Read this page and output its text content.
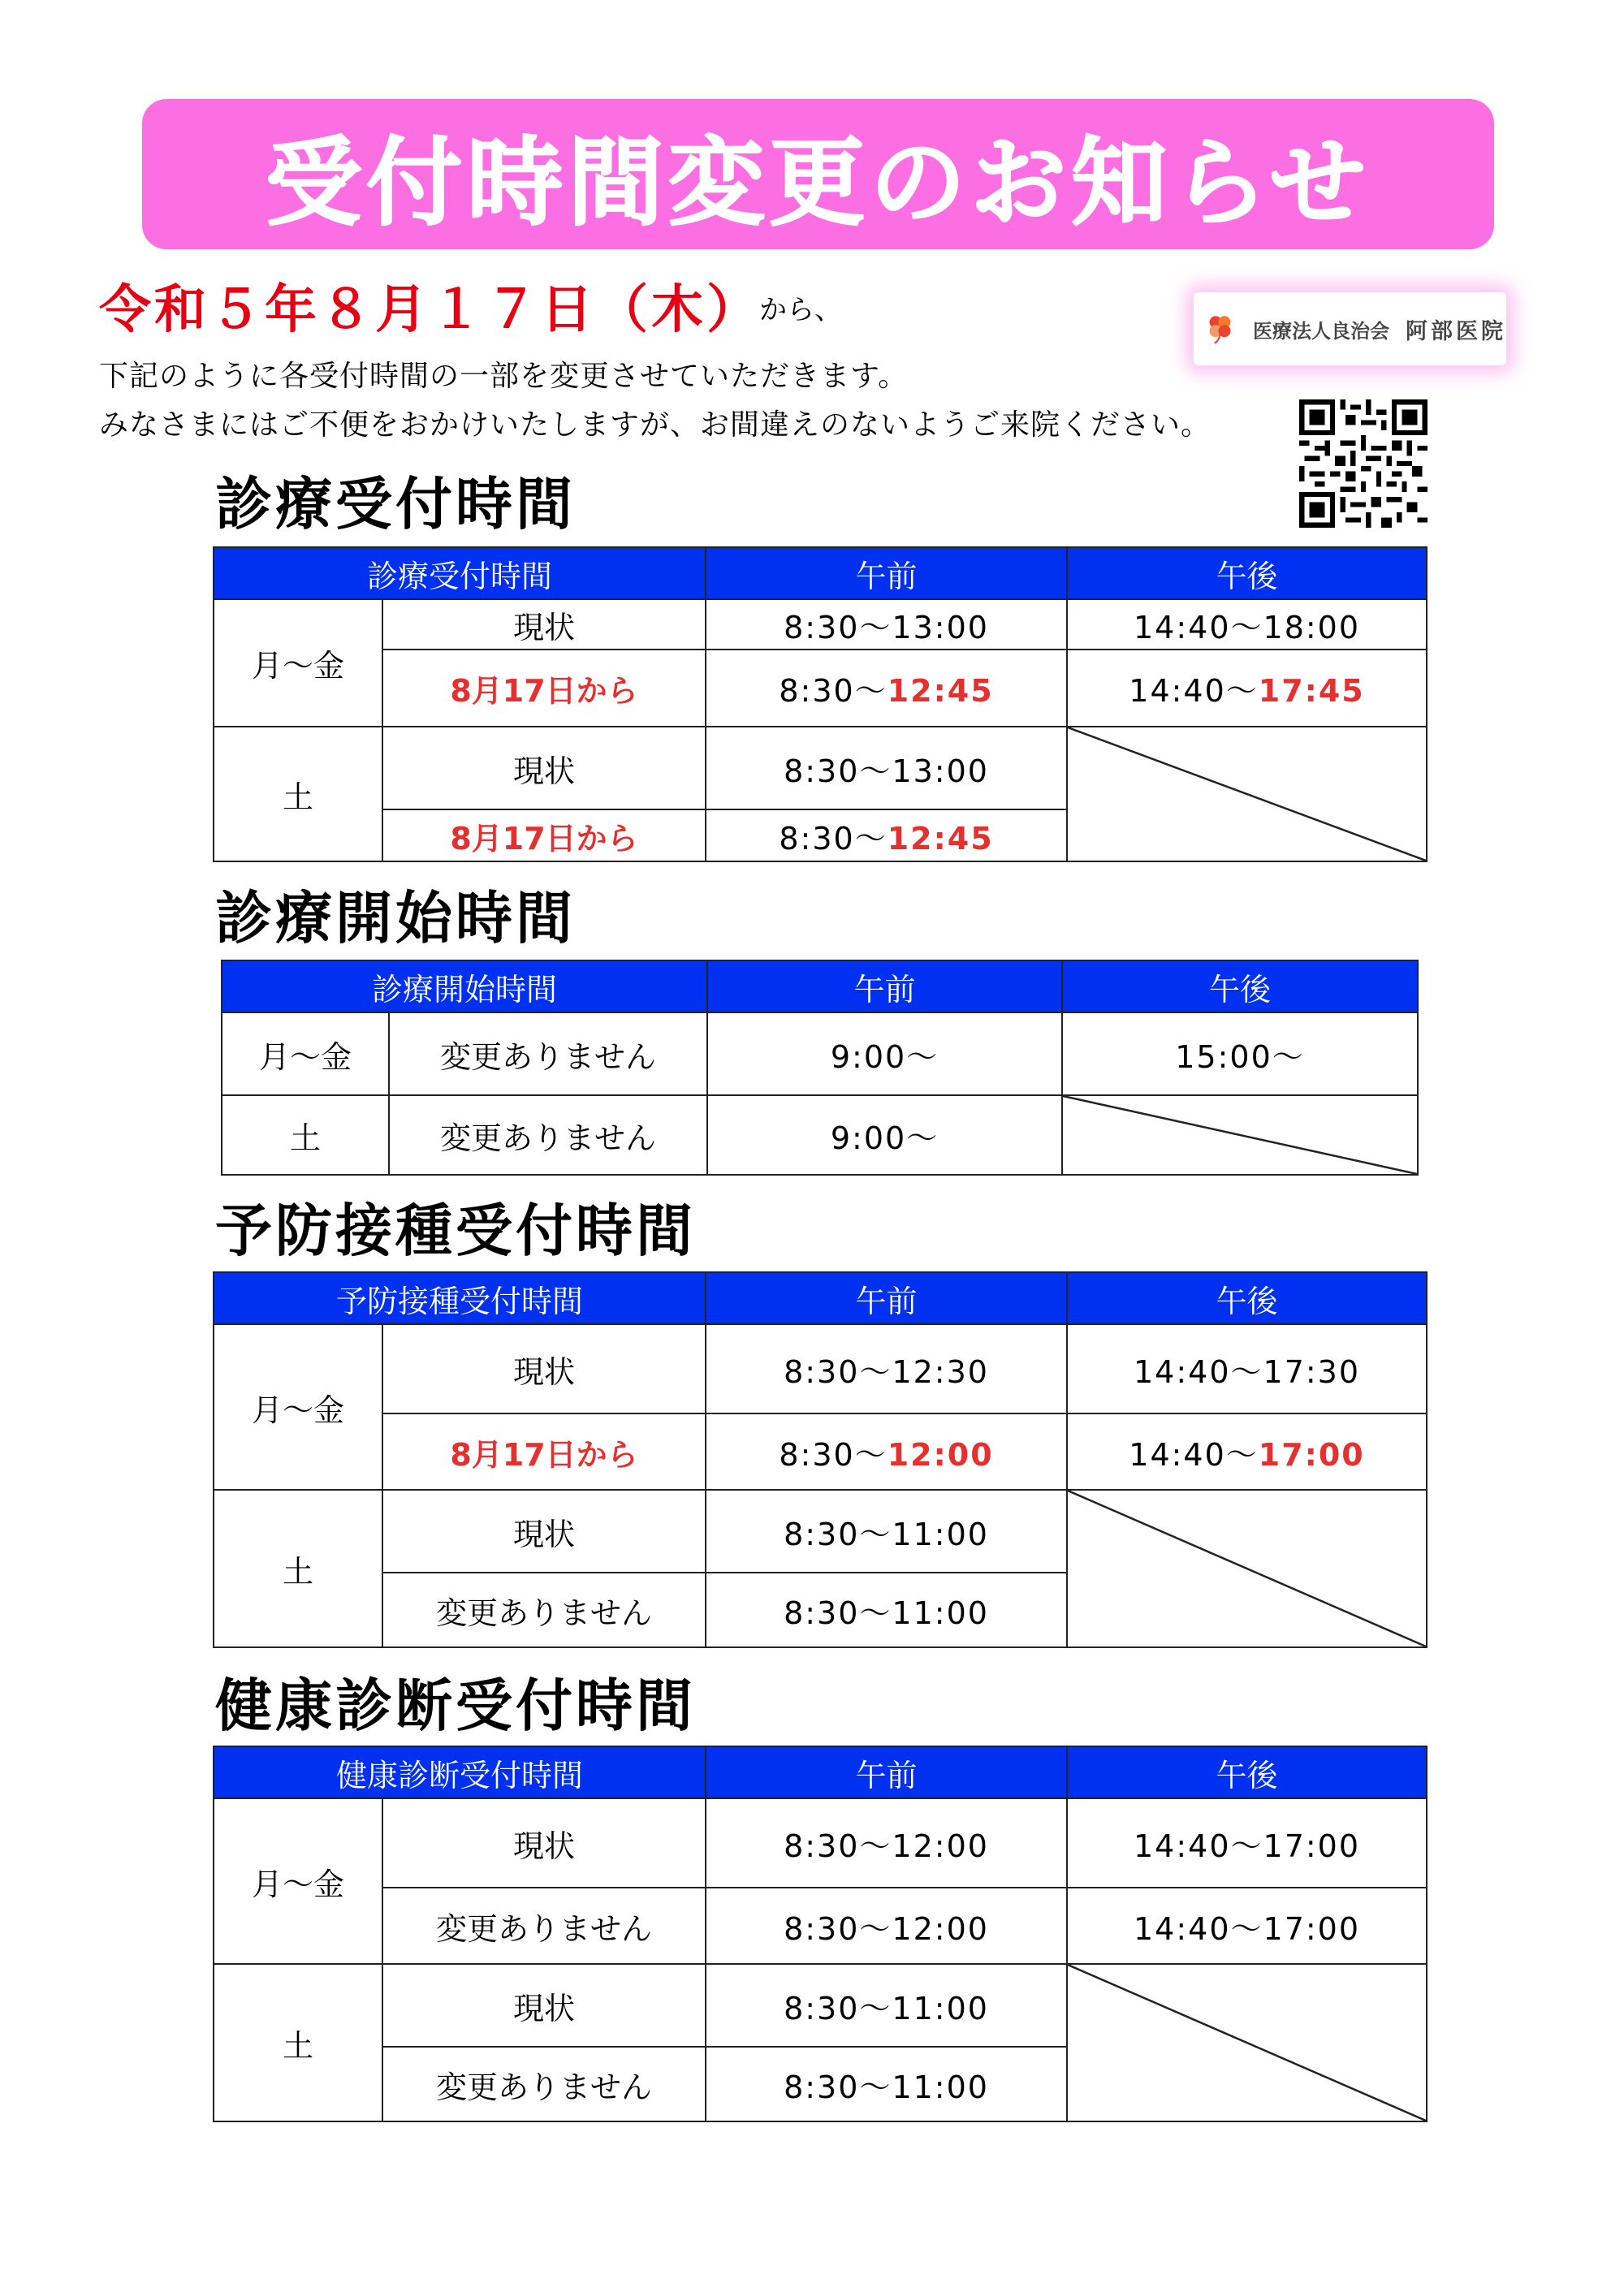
受付時間変更のお知らせ
令和５年８月１７日（木）
から、
下記のように各受付時間の一部を変更させていただきます。
みなさまにはご不便をおかけいたしますが、お間違えのないようご来院ください。
医療法人良治会 阿部医院
診療受付時間
診療受付時間		午前	午後
月～金	現状	8:30～13:00	14:40～18:00
	8月17日から	8:30～12:45	14:40～17:45
土	現状	8:30～13:00	
	8月17日から	8:30～12:45	
診療開始時間
診療開始時間		午前	午後
月～金	変更ありません	9:00～	15:00～
土	変更ありません	9:00～	
予防接種受付時間
予防接種受付時間		午前	午後
月～金	現状	8:30～12:30	14:40～17:30
	8月17日から	8:30～12:00	14:40～17:00
土	現状	8:30～11:00	
	変更ありません	8:30～11:00	
健康診断受付時間
健康診断受付時間		午前	午後
月～金	現状	8:30～12:00	14:40～17:00
	変更ありません	8:30～12:00	14:40～17:00
土	現状	8:30～11:00	
	変更ありません	8:30～11:00	
